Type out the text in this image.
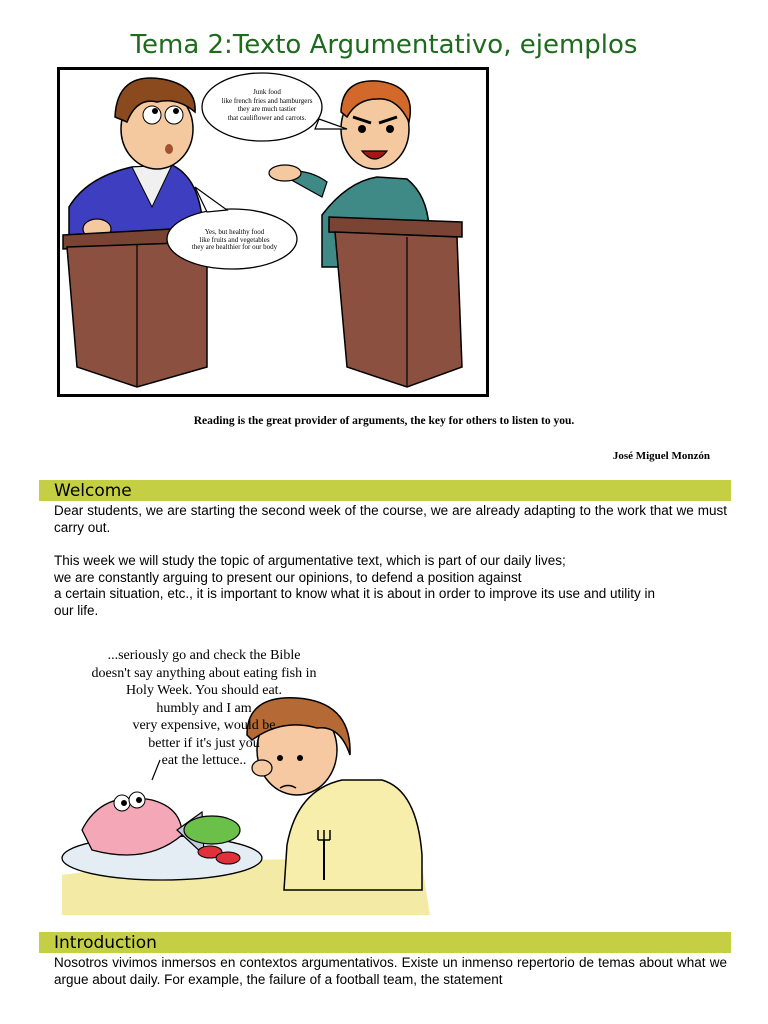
Tema 2:Texto Argumentativo, ejemplos
Junk food
like french fries and hamburgers
they are much tastier
that cauliflower and carrots.
Yes, but healthy food
like fruits and vegetables
they are healthier for our body
Reading is the great provider of arguments, the key for others to listen to you.
José Miguel Monzón
Welcome
Dear students, we are starting the second week of the course, we are already adapting to the work that we must carry out.
This week we will study the topic of argumentative text, which is part of our daily lives;
we are constantly arguing to present our opinions, to defend a position against
a certain situation, etc., it is important to know what it is about in order to improve its use and utility in
our life.
...seriously go and check the Bible
doesn't say anything about eating fish in
Holy Week. You should eat.
humbly and I am
very expensive, would be
better if it's just you
eat the lettuce..
Introduction
Nosotros vivimos inmersos en contextos argumentativos. Existe un inmenso repertorio de temas about what we argue about daily. For example, the failure of a football team, the statement
